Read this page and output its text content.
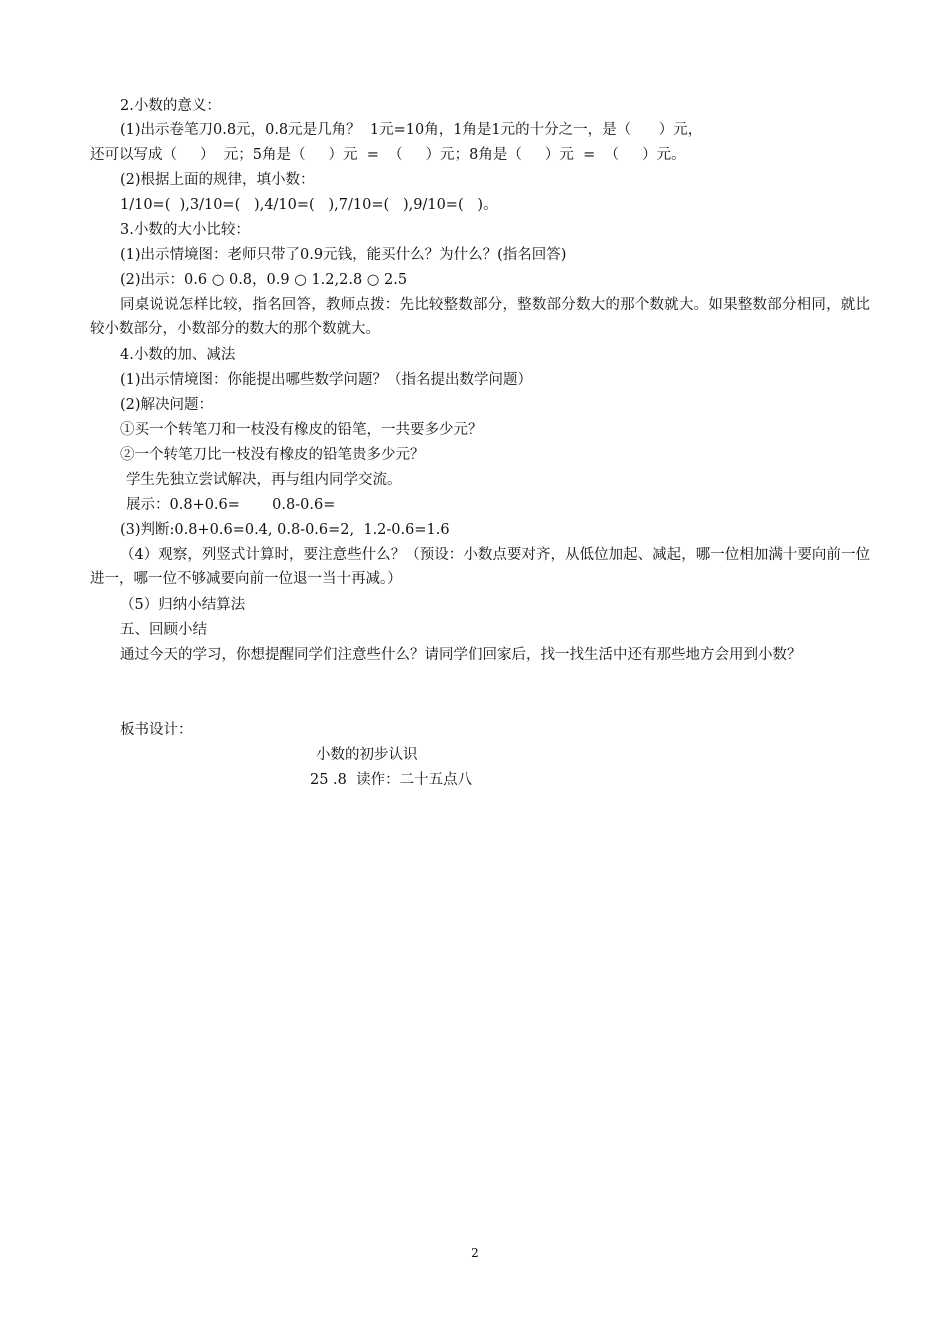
2.小数的意义：
(1)出示卷笔刀0.8元，0.8元是几角？  1元=10角，1角是1元的十分之一，是（      ）元，
还可以写成（     ）  元；5角是（     ）元  =  （     ）元；8角是（     ）元  =  （     ）元。
(2)根据上面的规律，填小数：
1/10=(  ),3/10=(   ),4/10=(   ),7/10=(   ),9/10=(   )。
3.小数的大小比较：
(1)出示情境图：老师只带了0.9元钱，能买什么？为什么？(指名回答)
(2)出示：0.6 ○ 0.8，0.9 ○ 1.2,2.8 ○ 2.5
同桌说说怎样比较，指名回答，教师点拨：先比较整数部分，整数部分数大的那个数就大。如果整数部分相同，就比较小数部分，小数部分的数大的那个数就大。
4.小数的加、减法
(1)出示情境图：你能提出哪些数学问题？（指名提出数学问题）
(2)解决问题：
①买一个转笔刀和一枝没有橡皮的铅笔，一共要多少元？
②一个转笔刀比一枝没有橡皮的铅笔贵多少元？
学生先独立尝试解决，再与组内同学交流。
展示：0.8+0.6=       0.8-0.6=
(3)判断:0.8+0.6=0.4, 0.8-0.6=2,  1.2-0.6=1.6
（4）观察，列竖式计算时，要注意些什么？（预设：小数点要对齐，从低位加起、减起，哪一位相加满十要向前一位进一，哪一位不够减要向前一位退一当十再减。）
（5）归纳小结算法
五、回顾小结
通过今天的学习，你想提醒同学们注意些什么？请同学们回家后，找一找生活中还有那些地方会用到小数？
板书设计：
小数的初步认识
25 .8  读作：二十五点八
2
